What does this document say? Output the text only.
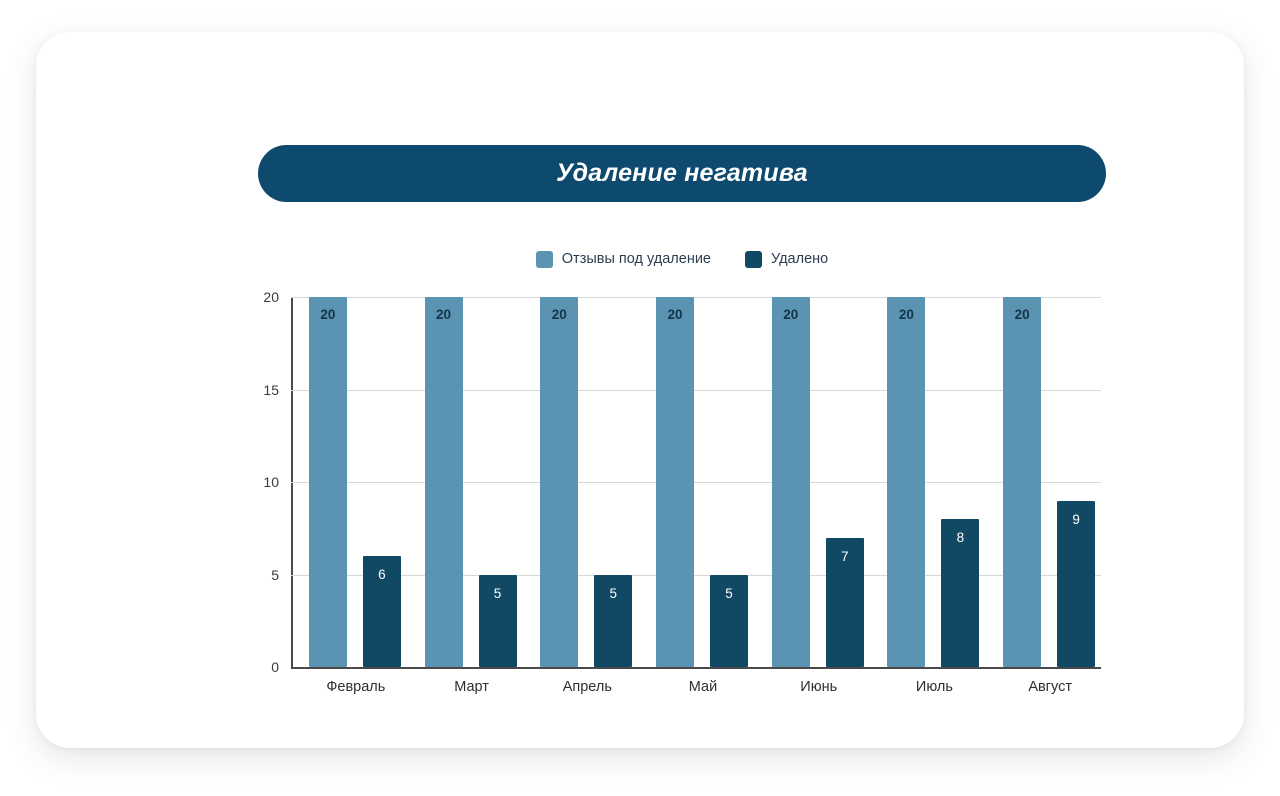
Удаление негатива
Отзывы под удаление	Удалено
0
5
10
15
20
20
6
Февраль
20
5
Март
20
5
Апрель
20
5
Май
20
7
Июнь
20
8
Июль
20
9
Август
